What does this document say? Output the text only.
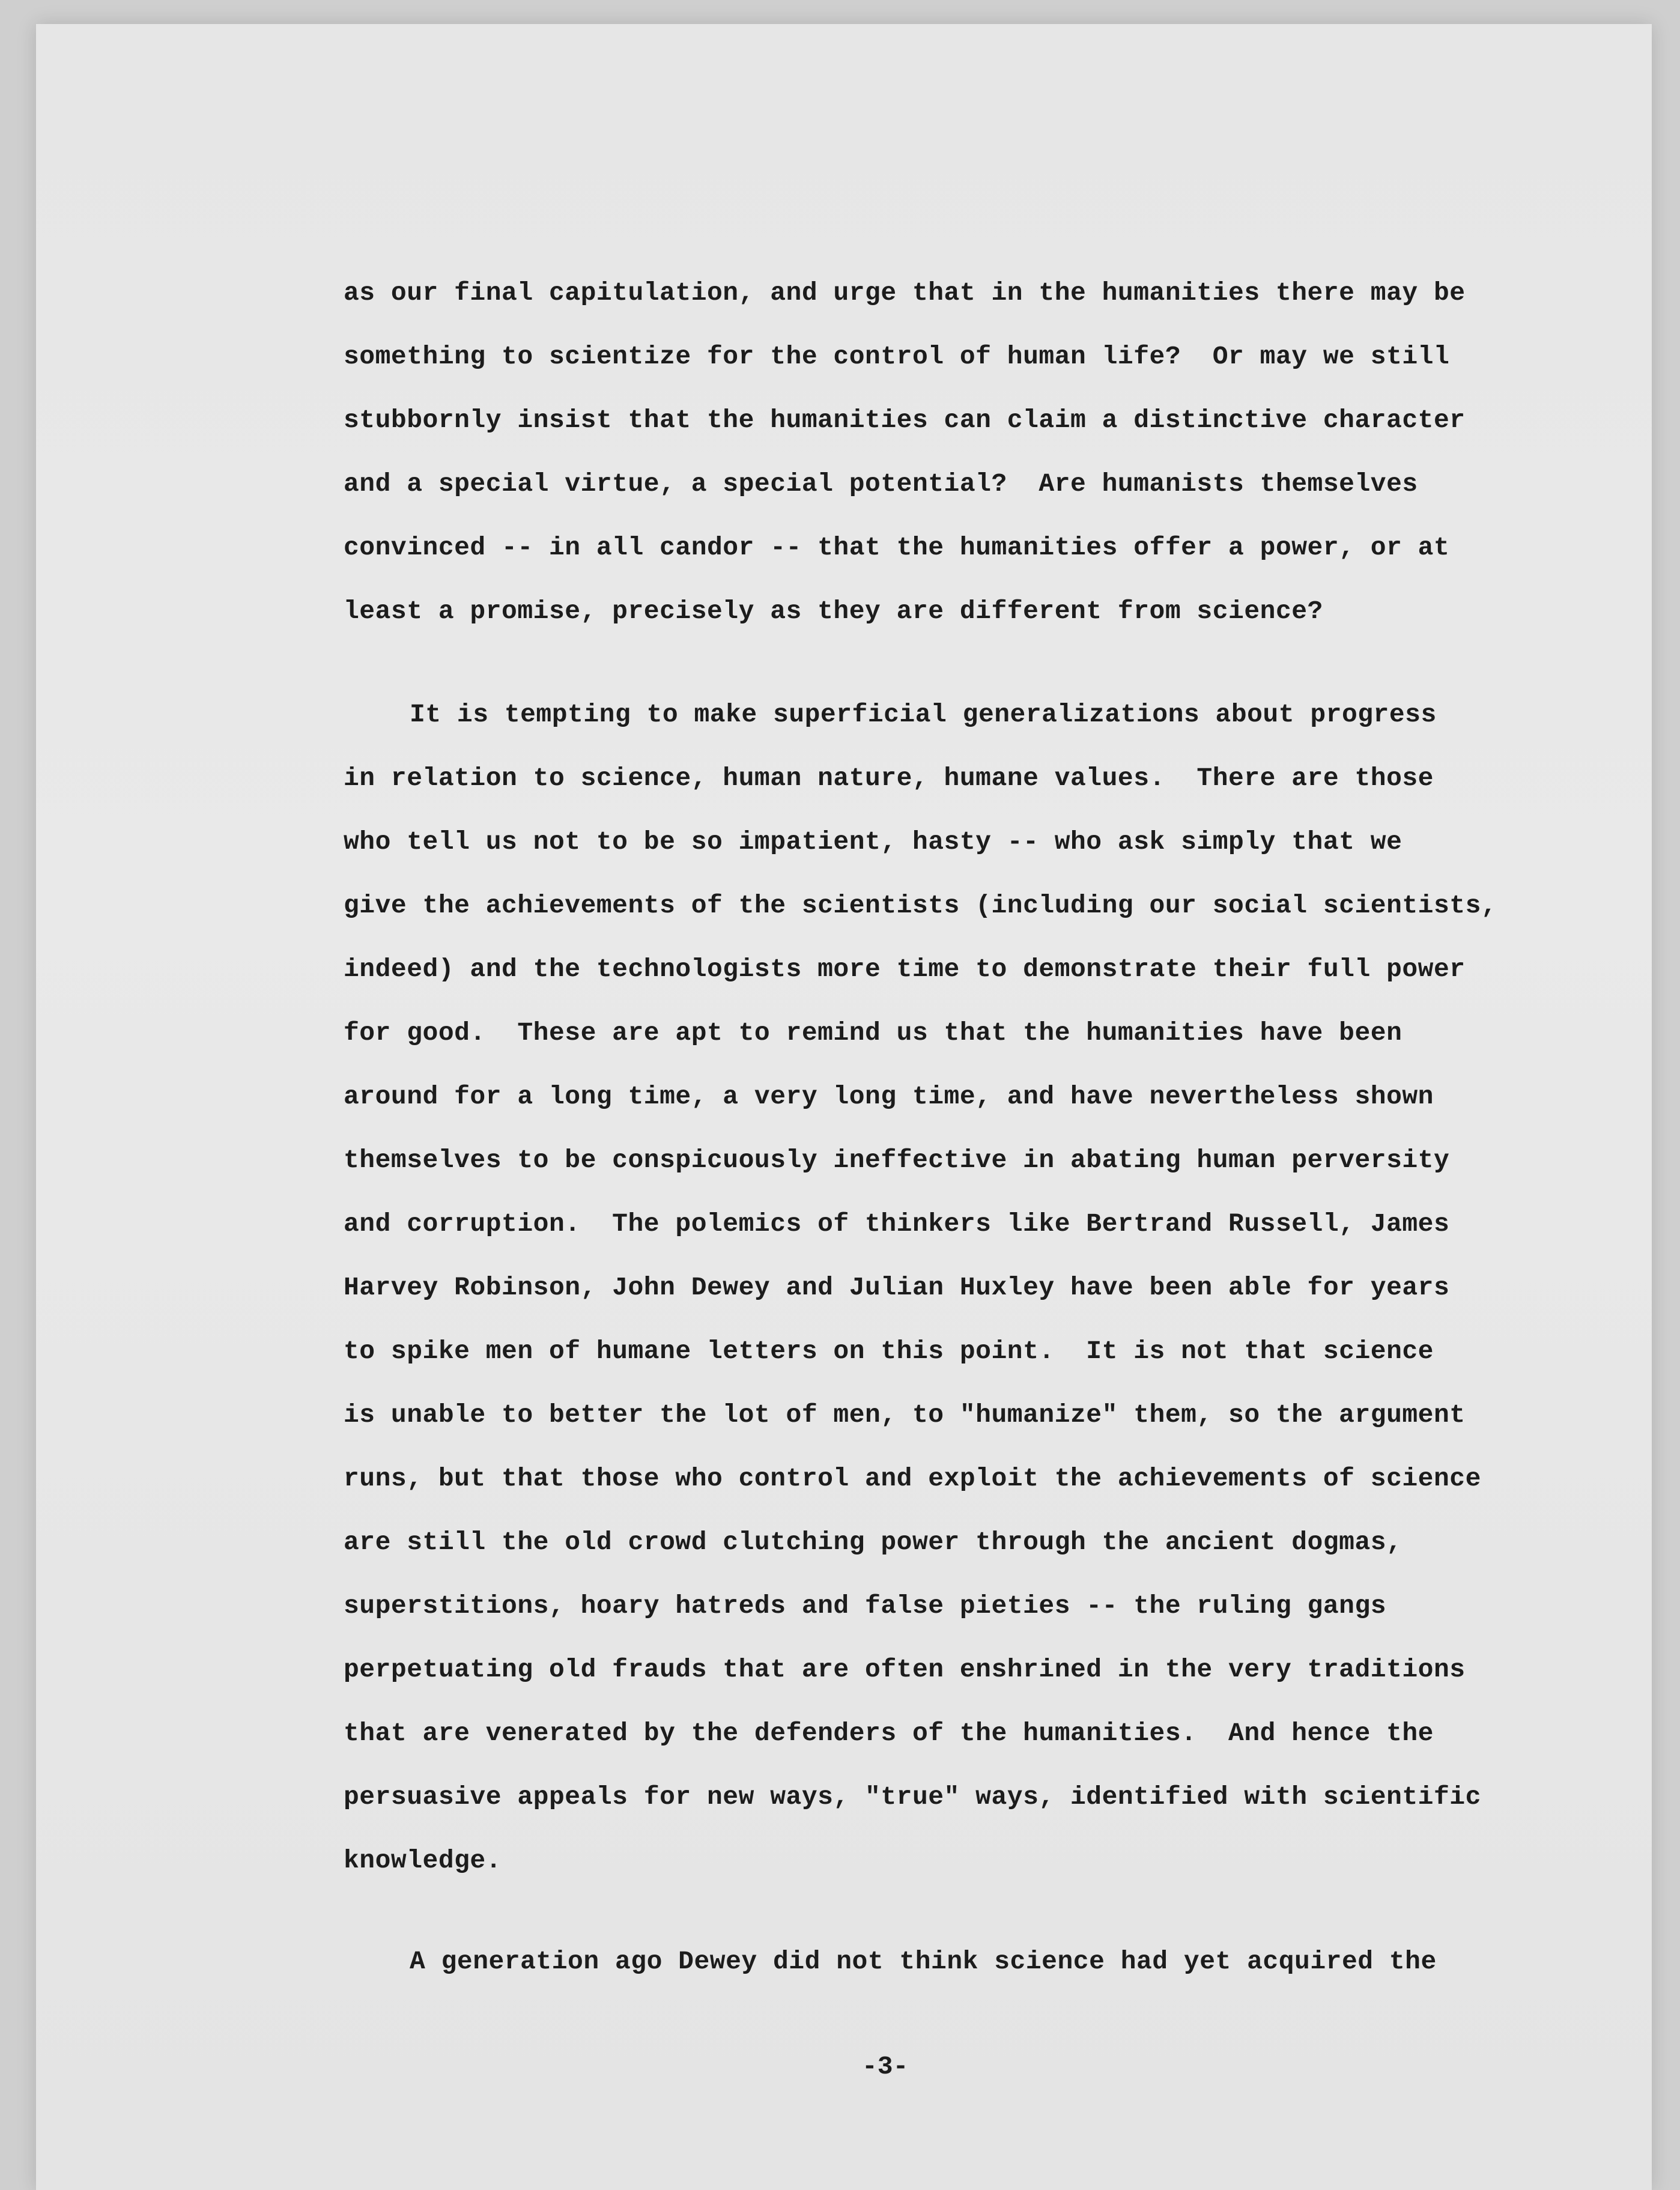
as our final capitulation, and urge that in the humanities there may be
something to scientize for the control of human life?  Or may we still
stubbornly insist that the humanities can claim a distinctive character
and a special virtue, a special potential?  Are humanists themselves
convinced -- in all candor -- that the humanities offer a power, or at
least a promise, precisely as they are different from science?
It is tempting to make superficial generalizations about progress
in relation to science, human nature, humane values.  There are those
who tell us not to be so impatient, hasty -- who ask simply that we
give the achievements of the scientists (including our social scientists,
indeed) and the technologists more time to demonstrate their full power
for good.  These are apt to remind us that the humanities have been
around for a long time, a very long time, and have nevertheless shown
themselves to be conspicuously ineffective in abating human perversity
and corruption.  The polemics of thinkers like Bertrand Russell, James
Harvey Robinson, John Dewey and Julian Huxley have been able for years
to spike men of humane letters on this point.  It is not that science
is unable to better the lot of men, to "humanize" them, so the argument
runs, but that those who control and exploit the achievements of science
are still the old crowd clutching power through the ancient dogmas,
superstitions, hoary hatreds and false pieties -- the ruling gangs
perpetuating old frauds that are often enshrined in the very traditions
that are venerated by the defenders of the humanities.  And hence the
persuasive appeals for new ways, "true" ways, identified with scientific
knowledge.
A generation ago Dewey did not think science had yet acquired the
-3-
